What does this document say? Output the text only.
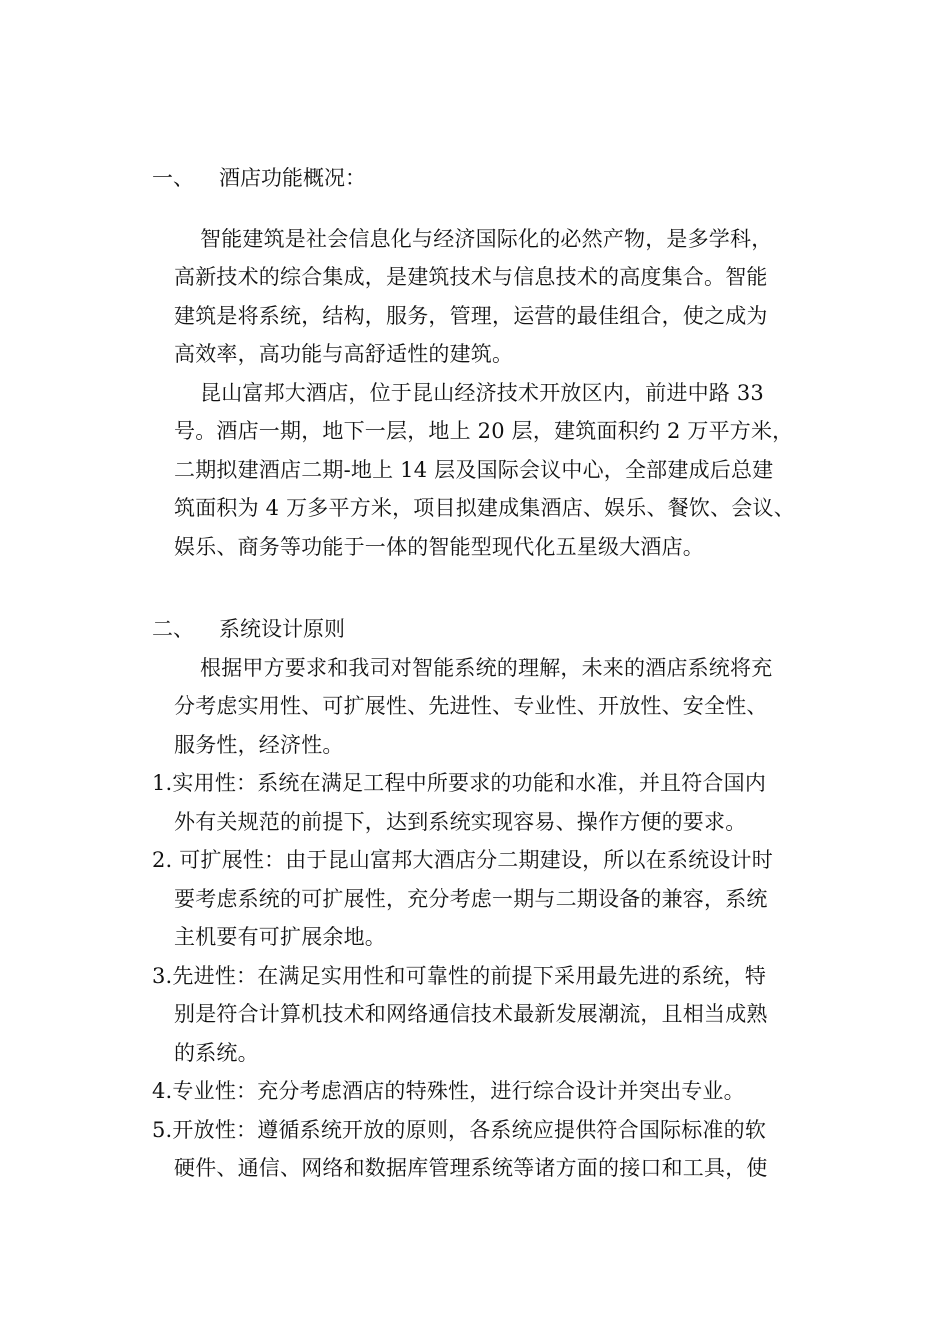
一、 酒店功能概况：
智能建筑是社会信息化与经济国际化的必然产物，是多学科，
高新技术的综合集成，是建筑技术与信息技术的高度集合。智能
建筑是将系统，结构，服务，管理，运营的最佳组合，使之成为
高效率，高功能与高舒适性的建筑。
昆山富邦大酒店，位于昆山经济技术开放区内，前进中路 33
号。酒店一期，地下一层，地上 20 层，建筑面积约 2 万平方米，
二期拟建酒店二期-地上 14 层及国际会议中心，全部建成后总建
筑面积为 4 万多平方米，项目拟建成集酒店、娱乐、餐饮、会议、
娱乐、商务等功能于一体的智能型现代化五星级大酒店。
二、 系统设计原则
根据甲方要求和我司对智能系统的理解，未来的酒店系统将充
分考虑实用性、可扩展性、先进性、专业性、开放性、安全性、
服务性，经济性。
1.实用性：系统在满足工程中所要求的功能和水准，并且符合国内
外有关规范的前提下，达到系统实现容易、操作方便的要求。
2. 可扩展性：由于昆山富邦大酒店分二期建设，所以在系统设计时
要考虑系统的可扩展性，充分考虑一期与二期设备的兼容，系统
主机要有可扩展余地。
3.先进性：在满足实用性和可靠性的前提下采用最先进的系统，特
别是符合计算机技术和网络通信技术最新发展潮流，且相当成熟
的系统。
4.专业性：充分考虑酒店的特殊性，进行综合设计并突出专业。
5.开放性：遵循系统开放的原则，各系统应提供符合国际标准的软
硬件、通信、网络和数据库管理系统等诸方面的接口和工具，使
